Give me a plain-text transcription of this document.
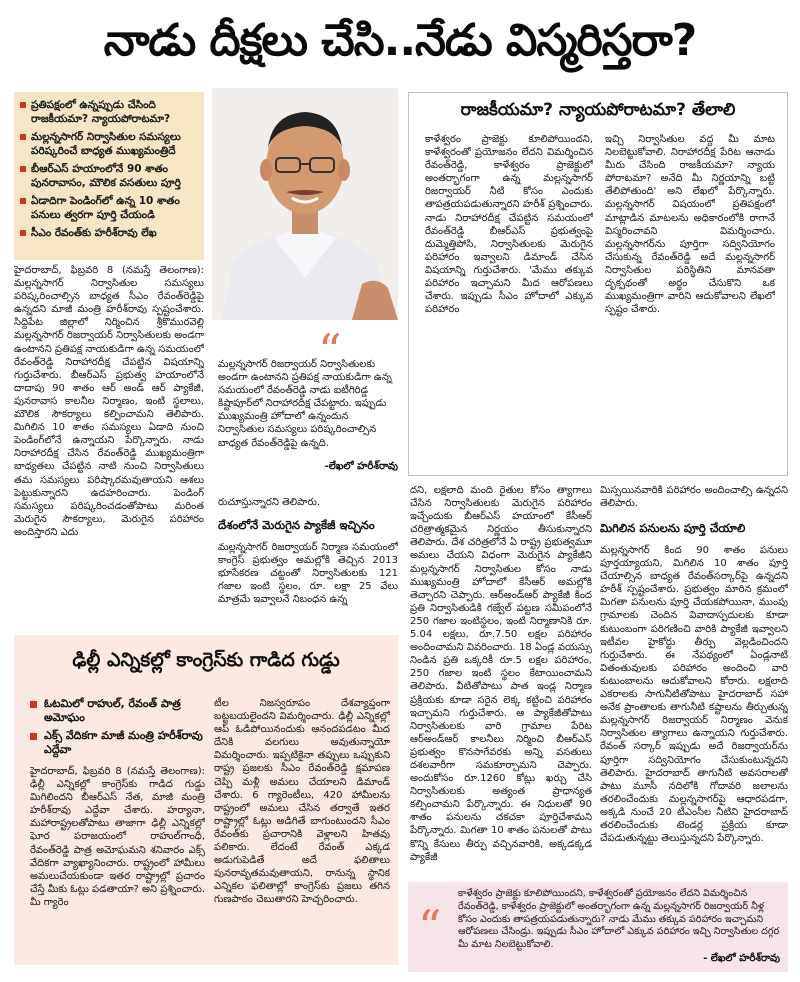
నాడు దీక్షలు చేసి..నేడు విస్మరిస్తరా?
ప్రతిపక్షంలో ఉన్నప్పుడు చేసింది రాజకీయమా? న్యాయపోరాటమా?
మల్లన్నసాగర్ నిర్వాసితుల సమస్యలు పరిష్కరించే బాధ్యత ముఖ్యమంత్రిదే
బీఆర్ఎస్ హయాంలోనే 90 శాతం పునరావాసం, మౌలిక వసతులు పూర్తి
ఏడాదిగా పెండింగ్‌లో ఉన్న 10 శాతం పనులు త్వరగా పూర్తి చేయండి
సీఎం రేవంత్‌కు హరీశ్‌రావు లేఖ
హైదరాబాద్, ఫిబ్రవరి 8 (నమస్తే తెలంగాణ): మల్లన్నసాగర్ నిర్వాసితుల సమస్యలు పరిష్కరించాల్సిన బాధ్యత సీఎం రేవంత్‌రెడ్డిపై ఉన్నదని మాజీ మంత్రి హరీశ్‌రావు స్పష్టంచేశారు. సిద్దిపేట జిల్లాలో నిర్మించిన శ్రీకొమురవెల్లి మల్లన్నసాగర్ రిజర్వాయర్ నిర్వాసితులకు అండగా ఉంటానని ప్రతిపక్ష నాయకుడిగా ఉన్న సమయంలో రేవంత్‌రెడ్డి నిరాహారదీక్ష చేపట్టిన విషయాన్ని గుర్తుచేశారు. బీఆర్ఎస్ ప్రభుత్వ హయాంలోనే దాదాపు 90 శాతం ఆర్ అండ్ ఆర్ ప్యాకేజీ, పునరావాస కాలనీల నిర్మాణం, ఇంటి స్థలాలు, మౌలిక సౌకర్యాలు కల్పించామని తెలిపారు. మిగిలిన 10 శాతం సమస్యలు ఏడాది నుంచి పెండింగ్‌లోనే ఉన్నాయని పేర్కొన్నారు. నాడు నిరాహారదీక్ష చేసిన రేవంత్‌రెడ్డి ముఖ్యమంత్రిగా బాధ్యతలు చేపట్టిన నాటి నుంచి నిర్వాసితులు తమ సమస్యలు పరిష్కారమవుతాయని ఆశలు పెట్టుకున్నారని ఉదహరించారు. పెండింగ్ సమస్యలు పరిష్కరించడంతోపాటు మరింత మెరుగైన సౌకర్యాలు, మెరుగైన పరిహారం అందిస్తారని ఎదు
“
మల్లన్నసాగర్ రిజర్వాయర్ నిర్వాసితులకు అండగా ఉంటానని ప్రతిపక్ష నాయకుడిగా ఉన్న సమయంలో రేవంత్‌రెడ్డి నాడు ఐటీగిరిడ్డ కిష్టాపూర్‌లో నిరాహారదీక్ష చేపట్టారు. ఇప్పుడు ముఖ్యమంత్రి హోదాలో ఉన్నందున నిర్వాసితుల సమస్యలు పరిష్కరించాల్సిన బాధ్యత రేవంత్‌రెడ్డిపై ఉన్నది.
-లేఖలో హరీశ్‌రావు
రుచూస్తున్నారని తెలిపారు.
దేశంలోనే మెరుగైన ప్యాకేజీ ఇచ్చినం
మల్లన్నసాగర్ రిజర్వాయర్ నిర్మాణ సమయంలో కాంగ్రెస్ ప్రభుత్వం అమల్లోకి తెచ్చిన 2013 భూసేకరణ చట్టంతో నిర్వాసితులకు 121 గజాల ఇంటి స్థలం, రూ. లక్షా 25 వేలు మాత్రమే ఇవ్వాలనే నిబంధన ఉన్న
రాజకీయమా? న్యాయపోరాటమా? తేలాలి
కాళేశ్వరం ప్రాజెక్టు కూలిపోయిందని, కాళేశ్వరంతో ప్రయోజనం లేదని విమర్శించిన రేవంత్‌రెడ్డి, కాళేశ్వరం ప్రాజెక్టులో అంతర్భాగంగా ఉన్న మల్లన్నసాగర్ రిజర్వాయర్ నీటి కోసం ఎందుకు తాపత్రయపడుతున్నారని హరీశ్ ప్రశ్నించారు. నాడు నిరాహారదీక్ష చేపట్టిన సమయంలో రేవంత్‌రెడ్డి బీఆర్ఎస్ ప్రభుత్వంపై దుమ్మెత్తిపోసి, నిర్వాసితులకు మెరుగైన పరిహారం ఇవ్వాలని డిమాండ్ చేసిన విషయాన్ని గుర్తుచేశారు. 'మేము తక్కువ పరిహారం ఇచ్చామని మీద ఆరోపణలు చేశారు. ఇప్పుడు సీఎం హోదాలో ఎక్కువ పరిహారం
ఇచ్చి నిర్వాసితుల వద్ద మీ మాట నిలబెట్టుకోవాలి. నిరాహారదీక్ష పేరిట ఆనాడు మీరు చేసింది రాజకీయమా? న్యాయ పోరాటమా? అనేది మీ నిర్ణయాన్ని బట్టి తేలిపోతుంది' అని లేఖలో పేర్కొన్నారు. మల్లన్నసాగర్ విషయంలో ప్రతిపక్షంలో మాట్లాడిన మాటలను అధికారంలోకి రాగానే విస్మరించావని విమర్శించారు. మల్లన్నసాగర్‌ను పూర్తిగా సద్వినియోగం చేసుకున్న రేవంత్‌రెడ్డి అదే మల్లన్నసాగర్ నిర్వాసితుల పరిస్థితిని మానవతా దృక్పథంతో అర్థం చేసుకొని ఒక ముఖ్యమంత్రిగా వారిని ఆదుకోవాలని లేఖలో స్పష్టం చేశారు.
దని, లక్షలాది మంది రైతుల కోసం త్యాగాలు చేసిన నిర్వాసితులకు మెరుగైన పరిహారం ఇచ్చేందుకు బీఆర్ఎస్ హయాంలో కేసీఆర్ చరిత్రాత్మకమైన నిర్ణయం తీసుకున్నారని తెలిపారు. దేశ చరిత్రలోనే ఏ రాష్ట్ర ప్రభుత్వమూ అమలు చేయని విధంగా మెరుగైన ప్యాకేజీని మల్లన్నసాగర్ నిర్వాసితుల కోసం నాడు ముఖ్యమంత్రి హోదాలో కేసీఆర్ అమల్లోకి తెచ్చారని చెప్పారు. ఆర్అండ్ఆర్ ప్యాకేజీ కింద ప్రతి నిర్వాసితుడికి గజ్వేల్ పట్టణ సమీపంలోనే 250 గజాల ఇంటిస్థలం, ఇంటి నిర్మాణానికి రూ. 5.04 లక్షలు, రూ.7.50 లక్షల పరిహారం అందించామని వివరించారు. 18 ఏండ్ల వయస్సు నిండిన ప్రతి ఒక్కరికీ రూ.5 లక్షల పరిహారం, 250 గజాల ఇంటి స్థలం కేటాయించామని తెలిపారు. వీటితోపాటు పాత ఇండ్ల నిర్మాణ ప్రక్రియకు కూడా సరైన లెక్క కట్టించి పరిహారం ఇచ్చామని గుర్తుచేశారు. ఆ ప్యాకేజీతోపాటు నిర్వాసితులకు వారి గ్రామాల పేరిట ఆర్అండ్ఆర్ కాలనీలు నిర్మించి బీఆర్ఎస్ ప్రభుత్వం కొనసాగేవరకు అన్ని వసతులు దశలవారీగా సమకూర్చామని చెప్పారు. అందుకోసం రూ.1260 కోట్లు ఖర్చు చేసి నిర్వాసితులకు అత్యంత ప్రాధాన్యత కల్పించామని పేర్కొన్నారు. ఈ నిధులతో 90 శాతం పనులను చకచకా పూర్తిచేశామని పేర్కొన్నారు. మిగతా 10 శాతం పనులతో పాటు కొన్ని కేసులు తీర్పు వచ్చినవారికి, అక్కడక్కడ ప్యాకేజీ
మిస్సయినవారికి పరిహారం అందించాల్సి ఉన్నదని తెలిపారు.
మిగిలిన పనులను పూర్తి చేయాలి
మల్లన్నసాగర్ కింద 90 శాతం పనులు పూర్తయ్యాయని, మిగిలిన 10 శాతం పూర్తి చేయాల్సిన బాధ్యత రేవంత్‌సర్కార్‌పై ఉన్నదని హరీశ్ స్పష్టంచేశారు. ప్రభుత్వం మారిన క్రమంలో మిగతా పనులను పూర్తి చేయకపోయినా, ముంపు గ్రామాలకు చెందిన వివాదాస్పదులకు కూడా కుటుంబంగా పరిగణించి వారికి ప్యాకేజీ ఇవ్వాలని ఇటీవల హైకోర్టు తీర్పు వెల్లడించిందని గుర్తుచేశారు. ఈ నేపథ్యంలో ఏండ్లనాటి వితంతువులకు పరిహారం అందించి వారి కుటుంబాలను ఆదుకోవాలని కోరారు. లక్షలాది ఎకరాలకు సాగునీటితోపాటు హైదరాబాద్‌ సహా అనేక ప్రాంతాలకు తాగునీటి కష్టాలను తీర్చుతున్న మల్లన్నసాగర్ రిజర్వాయర్ నిర్మాణం వెనుక నిర్వాసితుల త్యాగాలు ఉన్నాయని గుర్తుచేశారు. రేవంత్ సర్కార్ ఇప్పుడు అదే రిజర్వాయర్‌ను పూర్తిగా సద్వినియోగం చేసుకుంటున్నదని తెలిపారు. హైదరాబాద్ తాగునీటి అవసరాలతో పాటు మూసీ నదిలోకి గోదావరి జలాలను తరలించేందుకు మల్లన్నసాగర్‌పై ఆధారపడగా, అక్కడి నుంచే 20 టీఎంసీల నీటిని హైదరాబాద్ తరలించేందుకు టెండర్ల ప్రక్రియ కూడా చేపడుతున్నట్టు తెలుస్తున్నదని పేర్కొన్నారు.
ఢిల్లీ ఎన్నికల్లో కాంగ్రెస్‌కు గాడిద గుడ్డు
ఓటమిలో రాహుల్, రేవంత్ పాత్ర అమోఘం
ఎక్స్ వేదికగా మాజీ మంత్రి హరీశ్‌రావు ఎద్దేవా
హైదరాబాద్, ఫిబ్రవరి 8 (నమస్తే తెలంగాణ): ఢిల్లీ ఎన్నికల్లో కాంగ్రెస్‌కు గాడిద గుడ్డు మిగిలిందని బీఆర్ఎస్ నేత, మాజీ మంత్రి హరీశ్‌రావు ఎద్దేవా చేశారు. హర్యానా, మహారాష్ట్రలతోపాటు తాజాగా ఢిల్లీ ఎన్నికల్లో ఘోర పరాజయంలో రాహుల్‌గాంధీ, రేవంత్‌రెడ్డి పాత్ర అమోఘమని శనివారం ఎక్స్ వేదికగా వ్యాఖ్యానించారు. రాష్ట్రంలో హామీలు అమలుచేయకుండా ఇతర రాష్ట్రాల్లో ప్రచారం చేస్తే మీకు ఓట్లు పడతాయా? అని ప్రశ్నించారు. మీ గ్యారెం
టీల నిజస్వరూపం దేశవ్యాప్తంగా బట్టబయలైందని విమర్శించారు. ఢిల్లీ ఎన్నికల్లో ఆప్ ఓడిపోయినందుకు ఆనందపడటం మీద దేనికి వలగులు అవుతున్నాయో విమర్శించారు. ఇప్పటికైనా తప్పులు ఒప్పుకుని రాష్ట్ర ప్రజలకు సీఎం రేవంత్‌రెడ్డి క్షమాపణ చెప్పి మళ్లీ అమలు చేయాలని డిమాండ్ చేశారు. 6 గ్యారెంటీలు, 420 హామీలను రాష్ట్రంలో అమలు చేసిన తర్వాతే ఇతర రాష్ట్రాల్లో ఓట్లు అడిగితే బాగుంటుందని సీఎం రేవంత్‌కు ప్రచారానికి వెళ్లాలని హితవు పలికారు. లేదంటే రేవంత్ ఎక్కడ అడుగుపెడితే అదే ఫలితాలు పునరావృతమవుతాయని, రానున్న స్థానిక ఎన్నికల ఫలితాల్లో కాంగ్రెస్‌కు ప్రజలు తగిన గుణపాఠం చెబుతారని హెచ్చరించారు.
“
కాళేశ్వరం ప్రాజెక్టు కూలిపోయిందని, కాళేశ్వరంతో ప్రయోజనం లేదని విమర్శించిన రేవంత్‌రెడ్డి, కాళేశ్వరం ప్రాజెక్టులో అంతర్భాగంగా ఉన్న మల్లన్నసాగర్ రిజర్వాయర్ నీళ్ల కోసం ఎందుకు తాపత్రయపడుతున్నారు? నాడు మేము తక్కువ పరిహారం ఇచ్చామని ఆరోపణలు చేసిండ్రు. ఇప్పుడు సీఎం హోదాలో ఎక్కువ పరిహారం ఇచ్చి నిర్వాసితుల దగ్గర మీ మాట నిలబెట్టుకోవాలి.
- లేఖలో హరీశ్‌రావు
